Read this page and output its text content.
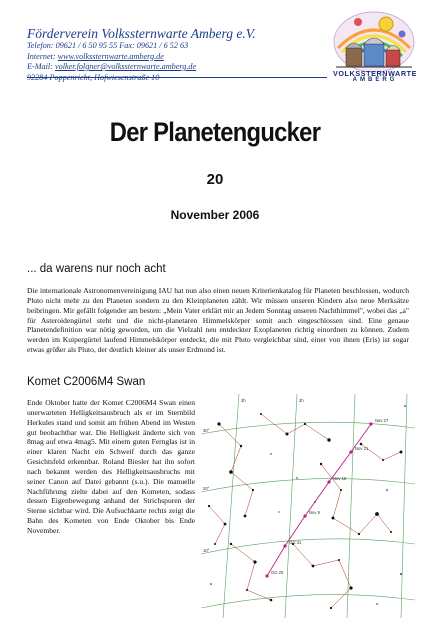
Förderverein Volkssternwarte Amberg e.V.
Telefon: 09621 / 6 50 95 55 Fax: 09621 / 6 52 63
Internet: www.volkssternwarte.amberg.de
E-Mail: volker.folgner@volkssternwarte.amberg.de
92284 Poppenricht, Hofwiesenstraße 10	VOLKSSTERNWARTE
AMBERG
Der Planetengucker
20
November 2006
... da warens nur noch acht

Die internationale Astronomenvereinigung IAU hat nun also einen neuen Kriterienkatalog für Planeten beschlossen, wodurch Pluto nicht mehr zu den Planeten sondern zu den Kleinplaneten zählt. Wir müssen unseren Kindern also neue Merksätze beibringen. Mir gefällt folgender am besten: „Mein Vater erklärt mir an Jedem Sonntag unseren Nachthimmel", wobei das „a" für Asteroidengürtel steht und die nicht-planetaren Himmelskörper somit auch eingeschlossen sind. Eine genaue Planetendefinition war nötig geworden, um die Vielzahl neu entdeckter Exoplaneten richtig einordnen zu können. Zudem werden im Kuipergürtel laufend Himmelskörper entdeckt, die mit Pluto vergleichbar sind, einer von ihnen (Eris) ist sogar etwas größer als Pluto, der deutlich kleiner als unser Erdmond ist.

Komet C2006M4 Swan

Ende Oktober hatte der Komet C2006M4 Swan einen unerwarteten Helligkeitsausbruch als er im Sternbild Herkules stand und somit am frühen Abend im Westen gut beobachtbar war. Die Helligkeit änderte sich von 8mag auf etwa 4mag5. Mit einem guten Fernglas ist in einer klaren Nacht ein Schweif durch das ganze Gesichtsfeld erkennbar. Roland Biesler hat ihn sofort nach bekannt werden des Helligkeitsausbruchs mit seiner Canon auf Datei gebannt (s.u.). Die manuelle Nachführung zielte dabei auf den Kometen, sodass dessen Eigenbewegung anhand der Strichspuren der Sterne sichtbar wird. Die Aufsuchkarte rechts zeigt die Bahn des Kometen von Ende Oktober bis Ende November.

Nov 27
Nov 21
Nov 15
Nov 9
Oct 31
Oct 25
3h	2h
30°
20°
10°
